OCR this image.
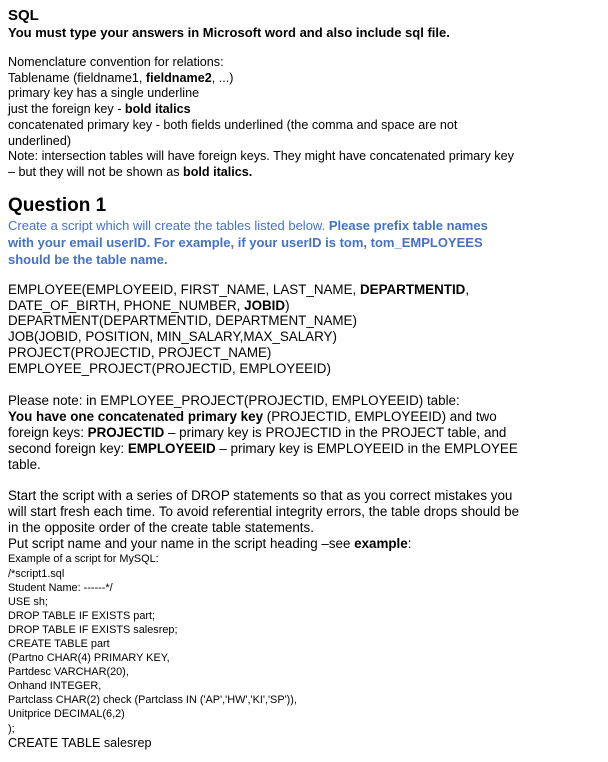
SQL
You must type your answers in Microsoft word and also include sql file.
Nomenclature convention for relations:
Tablename (fieldname1, fieldname2, ...)
primary key has a single underline
just the foreign key - bold italics
concatenated primary key - both fields underlined (the comma and space are not
underlined)
Note: intersection tables will have foreign keys. They might have concatenated primary key
– but they will not be shown as bold italics.
Question 1
Create a script which will create the tables listed below. Please prefix table names
with your email userID. For example, if your userID is tom, tom_EMPLOYEES
should be the table name.
EMPLOYEE(EMPLOYEEID, FIRST_NAME, LAST_NAME, DEPARTMENTID,
DATE_OF_BIRTH, PHONE_NUMBER, JOBID)
DEPARTMENT(DEPARTMENTID, DEPARTMENT_NAME)
JOB(JOBID, POSITION, MIN_SALARY,MAX_SALARY)
PROJECT(PROJECTID, PROJECT_NAME)
EMPLOYEE_PROJECT(PROJECTID, EMPLOYEEID)
Please note: in EMPLOYEE_PROJECT(PROJECTID, EMPLOYEEID) table:
You have one concatenated primary key (PROJECTID, EMPLOYEEID) and two
foreign keys: PROJECTID – primary key is PROJECTID in the PROJECT table, and
second foreign key: EMPLOYEEID – primary key is EMPLOYEEID in the EMPLOYEE
table.
Start the script with a series of DROP statements so that as you correct mistakes you
will start fresh each time. To avoid referential integrity errors, the table drops should be
in the opposite order of the create table statements.
Put script name and your name in the script heading –see example:
Example of a script for MySQL:
/*script1.sql
Student Name: ------*/
USE sh;
DROP TABLE IF EXISTS part;
DROP TABLE IF EXISTS salesrep;
CREATE TABLE part
(Partno CHAR(4) PRIMARY KEY,
Partdesc VARCHAR(20),
Onhand INTEGER,
Partclass CHAR(2) check (Partclass IN ('AP','HW','KI','SP')),
Unitprice DECIMAL(6,2)
);
CREATE TABLE salesrep
